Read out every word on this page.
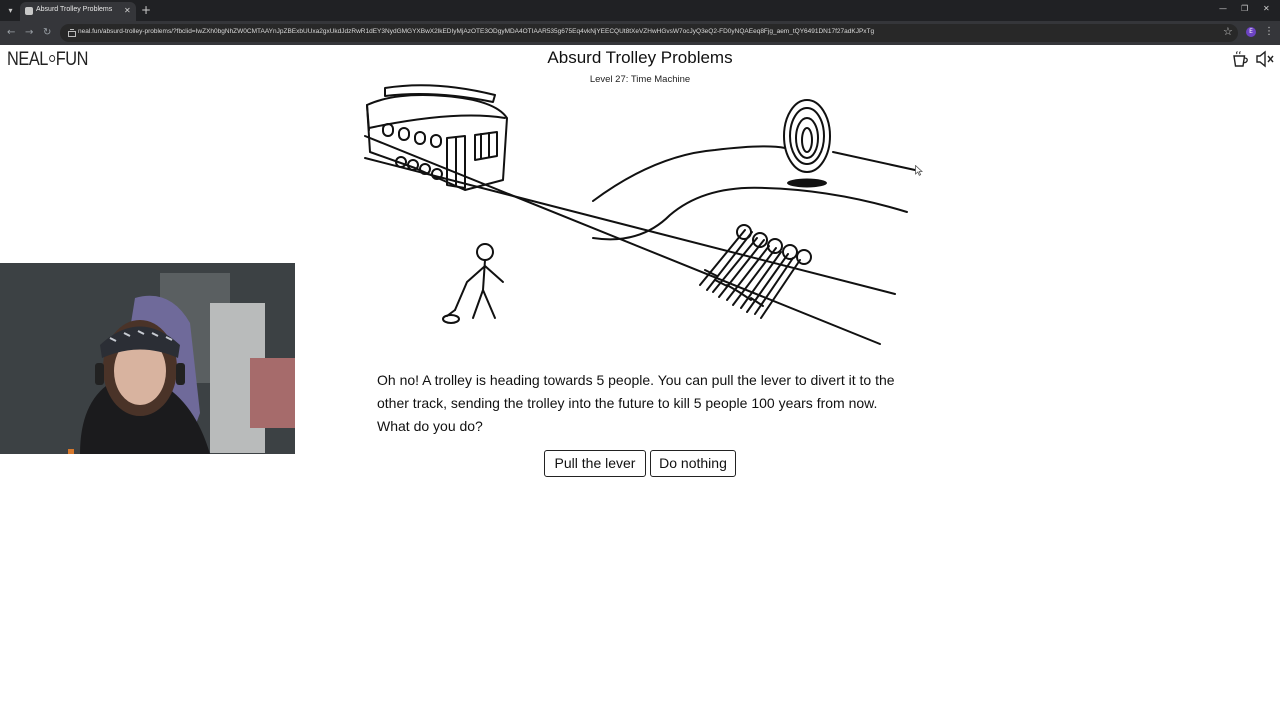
▾	Absurd Trolley Problems ✕ +	— ❐ ✕
← → ↻	neal.fun/absurd-trolley-problems/?fbclid=IwZXh0bgNhZW0CMTAAYnJpZBExbUUxa2gxUkdJdzRwR1dEY3NydGMGYXBwX2lkEDIyMjAzOTE3ODgyMDA4OTIAAR535g675Eq4vkNjYEECQUt8tXeVZHwHGvsW7ocJyQ3eQ2-FD0yNQAEeq8Fjg_aem_tQY6491DN17f27adKJPxTg	☆	E	⋮
NEAL FUN	Absurd Trolley Problems
Level 27: Time Machine

Oh no! A trolley is heading towards 5 people. You can pull the lever to divert it to the other track, sending the trolley into the future to kill 5 people 100 years from now. What do you do?

Pull the lever	Do nothing
